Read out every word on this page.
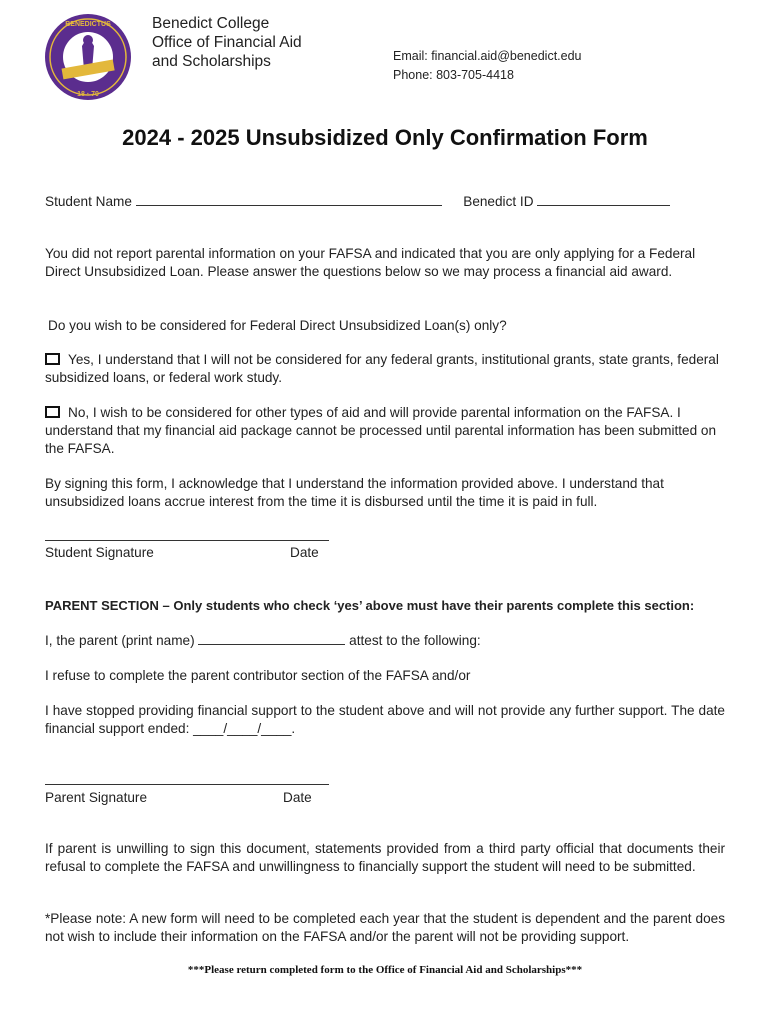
BENEDICTUS
18 · 70
Benedict College
Office of Financial Aid
and Scholarships	Email: financial.aid@benedict.edu
Phone: 803-705-4418
2024 - 2025 Unsubsidized Only Confirmation Form
Student Name	Benedict ID
You did not report parental information on your FAFSA and indicated that you are only applying for a Federal Direct Unsubsidized Loan. Please answer the questions below so we may process a financial aid award.
Do you wish to be considered for Federal Direct Unsubsidized Loan(s) only?
Yes, I understand that I will not be considered for any federal grants, institutional grants, state grants, federal subsidized loans, or federal work study.
No, I wish to be considered for other types of aid and will provide parental information on the FAFSA. I understand that my financial aid package cannot be processed until parental information has been submitted on the FAFSA.
By signing this form, I acknowledge that I understand the information provided above. I understand that unsubsidized loans accrue interest from the time it is disbursed until the time it is paid in full.
Student Signature	Date
PARENT SECTION – Only students who check ‘yes’ above must have their parents complete this section:
I, the parent (print name)	attest to the following:
I refuse to complete the parent contributor section of the FAFSA and/or
I have stopped providing financial support to the student above and will not provide any further support. The date financial support ended: ____/____/____.
Parent Signature	Date
If parent is unwilling to sign this document, statements provided from a third party official that documents their refusal to complete the FAFSA and unwillingness to financially support the student will need to be submitted.
*Please note: A new form will need to be completed each year that the student is dependent and the parent does not wish to include their information on the FAFSA and/or the parent will not be providing support.
***Please return completed form to the Office of Financial Aid and Scholarships***
